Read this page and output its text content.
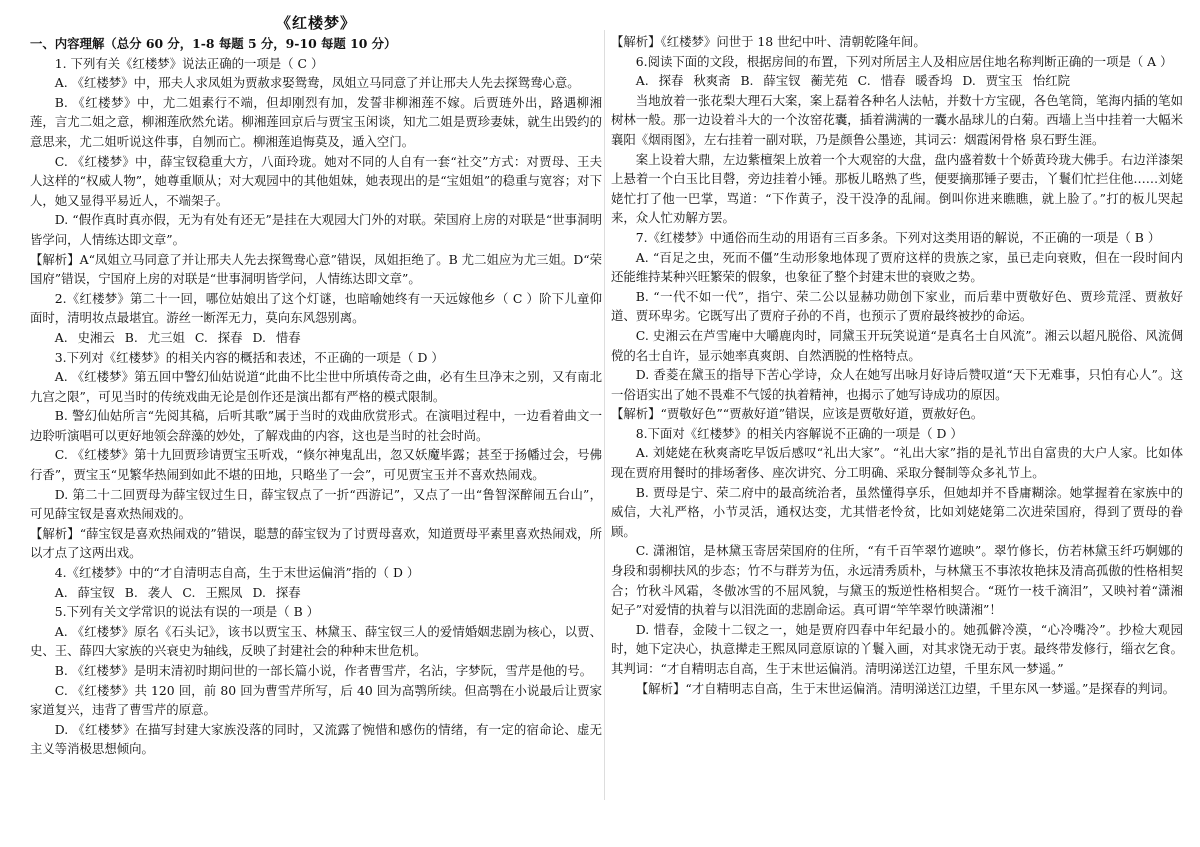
《红楼梦》

一、内容理解（总分 60 分，1-8 每题 5 分，9-10 每题 10 分）

1. 下列有关《红楼梦》说法正确的一项是（ C ）

A. 《红楼梦》中，邢夫人求凤姐为贾赦求娶鸳鸯，凤姐立马同意了并让邢夫人先去探鸳鸯心意。

B. 《红楼梦》中，尤二姐素行不端，但却刚烈有加，发誓非柳湘莲不嫁。后贾琏外出，路遇柳湘莲，言尤二姐之意，柳湘莲欣然允诺。柳湘莲回京后与贾宝玉闲谈，知尤二姐是贾珍妻妹，就生出毁约的意思来，尤二姐听说这件事，自刎而亡。柳湘莲追悔莫及，遁入空门。

C. 《红楼梦》中，薛宝钗稳重大方，八面玲珑。她对不同的人自有一套“社交”方式：对贾母、王夫人这样的“权威人物”，她尊重顺从；对大观园中的其他姐妹，她表现出的是“宝姐姐”的稳重与宽容；对下人，她又显得平易近人，不端架子。

D. “假作真时真亦假，无为有处有还无”是挂在大观园大门外的对联。荣国府上房的对联是“世事洞明皆学问，人情练达即文章”。

【解析】A“凤姐立马同意了并让邢夫人先去探鸳鸯心意”错误，凤姐拒绝了。B 尤二姐应为尤三姐。D“荣国府”错误，宁国府上房的对联是“世事洞明皆学问，人情练达即文章”。

2.《红楼梦》第二十一回，哪位姑娘出了这个灯谜，也暗喻她终有一天远嫁他乡（ C ）阶下儿童仰面时，清明妆点最堪宜。游丝一断浑无力，莫向东风怨别离。

A. 史湘云 B. 尤三姐 C. 探春 D. 惜春

3.下列对《红楼梦》的相关内容的概括和表述，不正确的一项是（ D ）

A. 《红楼梦》第五回中警幻仙姑说道“此曲不比尘世中所填传奇之曲，必有生旦净末之别，又有南北九宫之限”，可见当时的传统戏曲无论是创作还是演出都有严格的模式限制。

B. 警幻仙姑所言“先阅其稿，后听其歌”属于当时的戏曲欣赏形式。在演唱过程中，一边看着曲文一边聆听演唱可以更好地领会辞藻的妙处，了解戏曲的内容，这也是当时的社会时尚。

C. 《红楼梦》第十九回贾珍请贾宝玉听戏，“倏尔神鬼乱出，忽又妖魔毕露；甚至于扬幡过会，号佛行香”，贾宝玉“见繁华热闹到如此不堪的田地，只略坐了一会”，可见贾宝玉并不喜欢热闹戏。

D. 第二十二回贾母为薛宝钗过生日，薛宝钗点了一折“西游记”，又点了一出“鲁智深醉闹五台山”，可见薛宝钗是喜欢热闹戏的。

【解析】“薛宝钗是喜欢热闹戏的”错误，聪慧的薛宝钗为了讨贾母喜欢，知道贾母平素里喜欢热闹戏，所以才点了这两出戏。

4.《红楼梦》中的“才自清明志自高，生于末世运偏消”指的（ D ）

A. 薛宝钗 B. 袭人 C. 王熙凤 D. 探春

5.下列有关文学常识的说法有误的一项是（ B ）

A. 《红楼梦》原名《石头记》，该书以贾宝玉、林黛玉、薛宝钗三人的爱情婚姻悲剧为核心，以贾、史、王、薛四大家族的兴衰史为轴线，反映了封建社会的种种末世危机。

B. 《红楼梦》是明末清初时期问世的一部长篇小说，作者曹雪芹，名沾，字梦阮，雪芹是他的号。

C. 《红楼梦》共 120 回，前 80 回为曹雪芹所写，后 40 回为高鹗所续。但高鹗在小说最后让贾家家道复兴，违背了曹雪芹的原意。

D. 《红楼梦》在描写封建大家族没落的同时，又流露了惋惜和感伤的情绪，有一定的宿命论、虚无主义等消极思想倾向。

【解析】《红楼梦》问世于 18 世纪中叶、清朝乾隆年间。

6.阅读下面的文段，根据房间的布置，下列对所居主人及相应居住地名称判断正确的一项是（ A ）

A. 探春 秋爽斋 B. 薛宝钗 蘅芜苑 C. 惜春 暖香坞 D. 贾宝玉 怡红院

当地放着一张花梨大理石大案，案上磊着各种名人法帖，并数十方宝砚，各色笔筒，笔海内插的笔如树林一般。那一边设着斗大的一个汝窑花囊，插着满满的一囊水晶球儿的白菊。西墙上当中挂着一大幅米襄阳《烟雨图》，左右挂着一副对联，乃是颜鲁公墨迹，其词云：烟霞闲骨格 泉石野生涯。

案上设着大鼎，左边紫檀架上放着一个大观窑的大盘，盘内盛着数十个娇黄玲珑大佛手。右边洋漆架上悬着一个白玉比目磬，旁边挂着小锤。那板儿略熟了些，便要摘那锤子要击，丫鬟们忙拦住他……刘姥姥忙打了他一巴掌，骂道：“下作黄子，没干没净的乱闹。倒叫你进来瞧瞧，就上脸了。”打的板儿哭起来，众人忙劝解方罢。

7.《红楼梦》中通俗而生动的用语有三百多条。下列对这类用语的解说，不正确的一项是（ B ）

A. “百足之虫，死而不僵”生动形象地体现了贾府这样的贵族之家，虽已走向衰败，但在一段时间内还能维持某种兴旺繁荣的假象，也象征了整个封建末世的衰败之势。

B. “一代不如一代”，指宁、荣二公以显赫功勋创下家业，而后辈中贾敬好色、贾珍荒淫、贾赦好道、贾环卑劣。它既写出了贾府子孙的不肖，也预示了贾府最终被抄的命运。

C. 史湘云在芦雪庵中大嚼鹿肉时，同黛玉开玩笑说道“是真名士自风流”。湘云以超凡脱俗、风流倜傥的名士自许，显示她率真爽朗、自然洒脱的性格特点。

D. 香菱在黛玉的指导下苦心学诗，众人在她写出咏月好诗后赞叹道“天下无难事，只怕有心人”。这一俗语实出了她不畏难不气馁的执着精神，也揭示了她写诗成功的原因。

【解析】“贾敬好色”“贾赦好道”错误，应该是贾敬好道，贾赦好色。

8.下面对《红楼梦》的相关内容解说不正确的一项是（ D ）

A. 刘姥姥在秋爽斋吃早饭后感叹“礼出大家”。“礼出大家”指的是礼节出自富贵的大户人家。比如体现在贾府用餐时的排场奢侈、座次讲究、分工明确、采取分餐制等众多礼节上。

B. 贾母是宁、荣二府中的最高统治者，虽然懂得享乐，但她却并不昏庸糊涂。她掌握着在家族中的威信，大礼严格，小节灵活，通权达变，尤其惜老怜贫，比如刘姥姥第二次进荣国府，得到了贾母的眷顾。

C. 潇湘馆，是林黛玉寄居荣国府的住所，“有千百竿翠竹遮映”。翠竹修长，仿若林黛玉纤巧婀娜的身段和弱柳扶风的步态；竹不与群芳为伍，永远清秀质朴，与林黛玉不事浓妆艳抹及清高孤傲的性格相契合；竹秋斗风霜，冬傲冰雪的不屈风貌，与黛玉的叛逆性格相契合。“斑竹一枝千滴泪”，又映衬着“潇湘妃子”对爱情的执着与以泪洗面的悲剧命运。真可谓“竿竿翠竹映潇湘”！

D. 惜春，金陵十二钗之一，她是贾府四春中年纪最小的。她孤僻冷漠，“心冷嘴冷”。抄检大观园时，她下定决心，执意撵走王熙凤同意原谅的丫鬟入画，对其求饶无动于衷。最终带发修行，缁衣乞食。其判词：“才自精明志自高，生于末世运偏消。清明涕送江边望，千里东风一梦遥。”

【解析】“才自精明志自高，生于末世运偏消。清明涕送江边望，千里东风一梦遥。”是探春的判词。
